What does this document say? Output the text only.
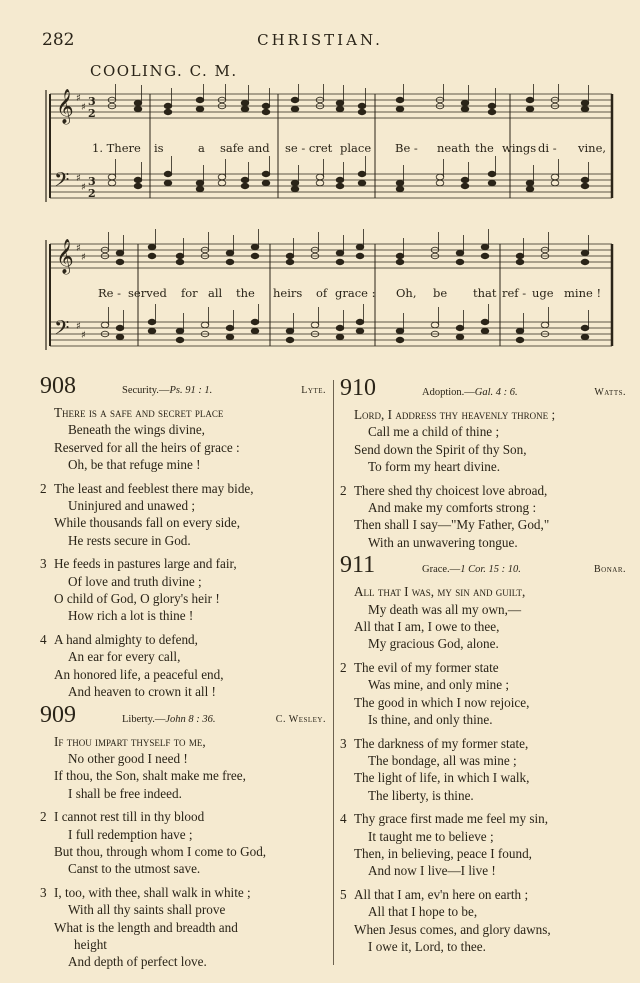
282	CHRISTIAN.
COOLING. C. M.
𝄞
𝄞
𝄢
𝄢
♯
♯ 3
2
♯
♯ 3
2
♯
♯
♯
♯
1. There is	a safe and se - cret place Be - neath the wings di - vine,
Re - served for all the heirs of grace : Oh, be that ref - uge mine !
908	Security.—Ps. 91 : 1.	Lyte.
There is a safe and secret place
Beneath the wings divine,
Reserved for all the heirs of grace :
Oh, be that refuge mine !
2 The least and feeblest there may bide,
Uninjured and unawed ;
While thousands fall on every side,
He rests secure in God.
3 He feeds in pastures large and fair,
Of love and truth divine ;
O child of God, O glory's heir !
How rich a lot is thine !
4 A hand almighty to defend,
An ear for every call,
An honored life, a peaceful end,
And heaven to crown it all !
909	Liberty.—John 8 : 36.	C. Wesley.
If thou impart thyself to me,
No other good I need !
If thou, the Son, shalt make me free,
I shall be free indeed.
2 I cannot rest till in thy blood
I full redemption have ;
But thou, through whom I come to God,
Canst to the utmost save.
3 I, too, with thee, shall walk in white ;
With all thy saints shall prove
What is the length and breadth and
height
And depth of perfect love.
910	Adoption.—Gal. 4 : 6.	Watts.
Lord, I address thy heavenly throne ;
Call me a child of thine ;
Send down the Spirit of thy Son,
To form my heart divine.
2 There shed thy choicest love abroad,
And make my comforts strong :
Then shall I say—"My Father, God,"
With an unwavering tongue.
911	Grace.—1 Cor. 15 : 10.	Bonar.
All that I was, my sin and guilt,
My death was all my own,—
All that I am, I owe to thee,
My gracious God, alone.
2 The evil of my former state
Was mine, and only mine ;
The good in which I now rejoice,
Is thine, and only thine.
3 The darkness of my former state,
The bondage, all was mine ;
The light of life, in which I walk,
The liberty, is thine.
4 Thy grace first made me feel my sin,
It taught me to believe ;
Then, in believing, peace I found,
And now I live—I live !
5 All that I am, ev'n here on earth ;
All that I hope to be,
When Jesus comes, and glory dawns,
I owe it, Lord, to thee.
